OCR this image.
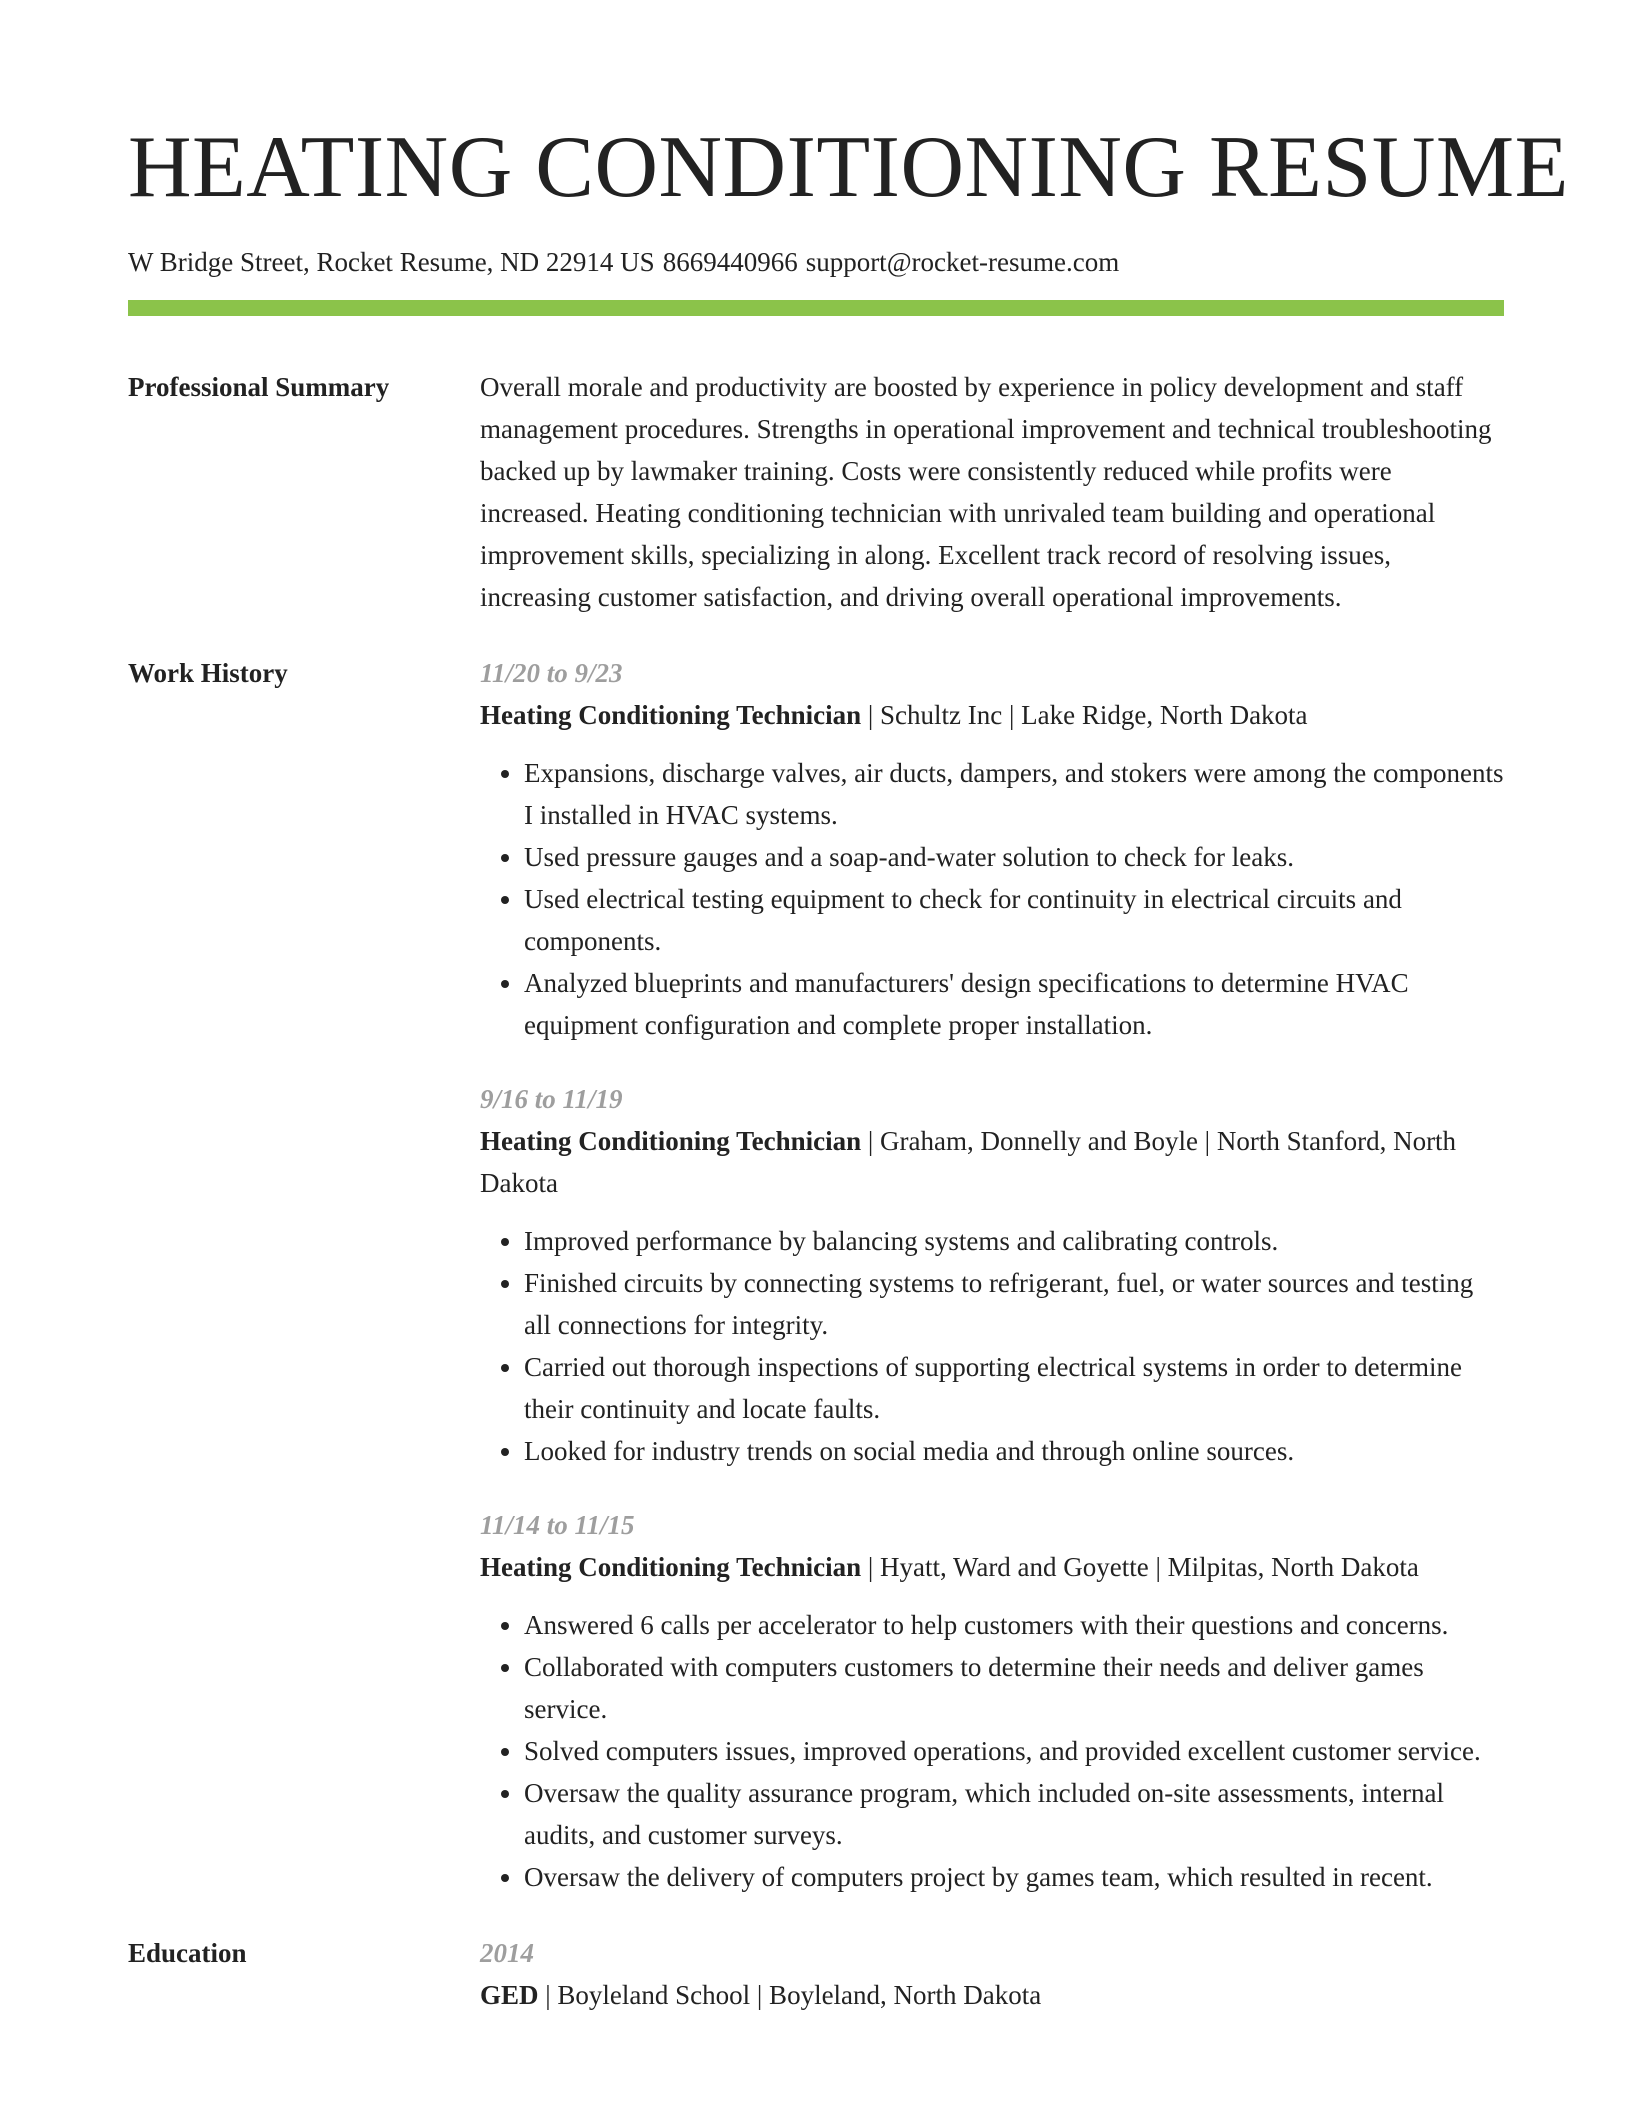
HEATING CONDITIONING RESUME
W Bridge Street, Rocket Resume, ND 22914 US 8669440966 support@rocket-resume.com
Professional Summary	Overall morale and productivity are boosted by experience in policy development and staff management procedures. Strengths in operational improvement and technical troubleshooting backed up by lawmaker training. Costs were consistently reduced while profits were increased. Heating conditioning technician with unrivaled team building and operational improvement skills, specializing in along. Excellent track record of resolving issues, increasing customer satisfaction, and driving overall operational improvements.

Work History	11/20 to 9/23
Heating Conditioning Technician | Schultz Inc | Lake Ridge, North Dakota
• Expansions, discharge valves, air ducts, dampers, and stokers were among the components I installed in HVAC systems.
• Used pressure gauges and a soap-and-water solution to check for leaks.
• Used electrical testing equipment to check for continuity in electrical circuits and components.
• Analyzed blueprints and manufacturers' design specifications to determine HVAC equipment configuration and complete proper installation.
9/16 to 11/19
Heating Conditioning Technician | Graham, Donnelly and Boyle | North Stanford, North Dakota
• Improved performance by balancing systems and calibrating controls.
• Finished circuits by connecting systems to refrigerant, fuel, or water sources and testing all connections for integrity.
• Carried out thorough inspections of supporting electrical systems in order to determine their continuity and locate faults.
• Looked for industry trends on social media and through online sources.
11/14 to 11/15
Heating Conditioning Technician | Hyatt, Ward and Goyette | Milpitas, North Dakota
• Answered 6 calls per accelerator to help customers with their questions and concerns.
• Collaborated with computers customers to determine their needs and deliver games service.
• Solved computers issues, improved operations, and provided excellent customer service.
• Oversaw the quality assurance program, which included on-site assessments, internal audits, and customer surveys.
• Oversaw the delivery of computers project by games team, which resulted in recent.
Education	2014
GED | Boyleland School | Boyleland, North Dakota
